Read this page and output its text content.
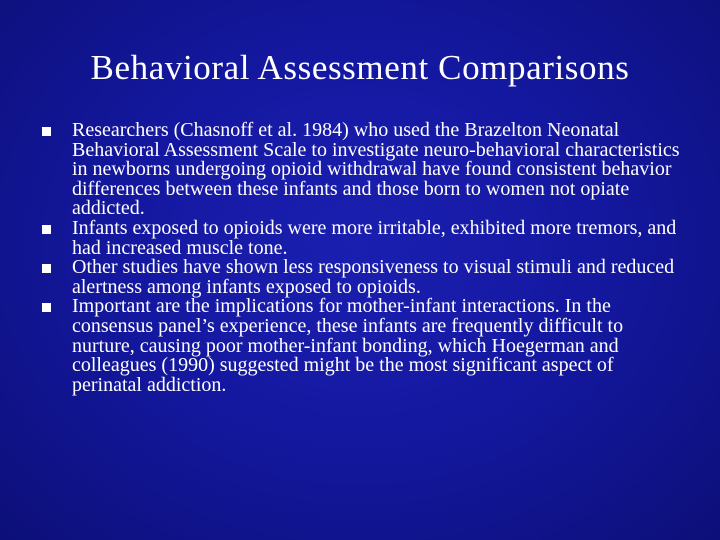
Behavioral Assessment Comparisons
Researchers (Chasnoff et al. 1984) who used the Brazelton Neonatal Behavioral Assessment Scale to investigate neuro-behavioral characteristics in newborns undergoing opioid withdrawal have found consistent behavior differences between these infants and those born to women not opiate addicted.
Infants exposed to opioids were more irritable, exhibited more tremors, and had increased muscle tone.
Other studies have shown less responsiveness to visual stimuli and reduced alertness among infants exposed to opioids.
Important are the implications for mother-infant interactions. In the consensus panel’s experience, these infants are frequently difficult to nurture, causing poor mother-infant bonding, which Hoegerman and colleagues (1990) suggested might be the most significant aspect of perinatal addiction.
